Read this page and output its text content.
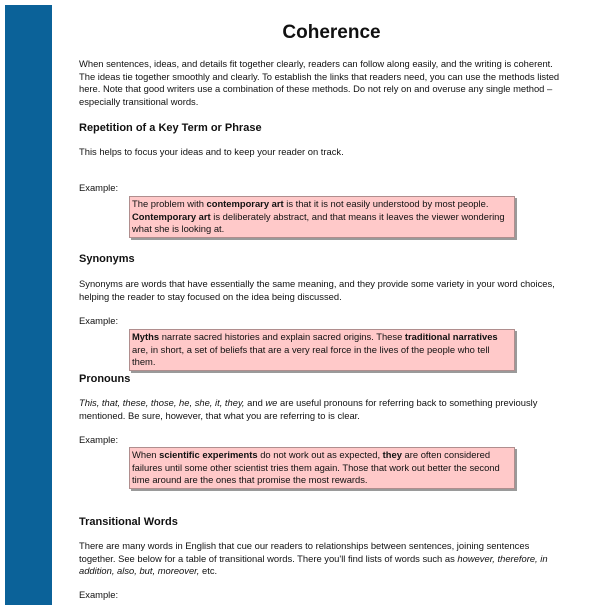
Coherence

When sentences, ideas, and details fit together clearly, readers can follow along easily, and the writing is coherent. The ideas tie together smoothly and clearly. To establish the links that readers need, you can use the methods listed here. Note that good writers use a combination of these methods. Do not rely on and overuse any single method – especially transitional words.

Repetition of a Key Term or Phrase

This helps to focus your ideas and to keep your reader on track.

Example:
The problem with contemporary art is that it is not easily understood by most people. Contemporary art is deliberately abstract, and that means it leaves the viewer wondering what she is looking at.
Synonyms

Synonyms are words that have essentially the same meaning, and they provide some variety in your word choices, helping the reader to stay focused on the idea being discussed.

Example:
Myths narrate sacred histories and explain sacred origins. These traditional narratives are, in short, a set of beliefs that are a very real force in the lives of the people who tell them.
Pronouns

This, that, these, those, he, she, it, they, and we are useful pronouns for referring back to something previously mentioned. Be sure, however, that what you are referring to is clear.

Example:
When scientific experiments do not work out as expected, they are often considered failures until some other scientist tries them again. Those that work out better the second time around are the ones that promise the most rewards.
Transitional Words

There are many words in English that cue our readers to relationships between sentences, joining sentences together. See below for a table of transitional words. There you'll find lists of words such as however, therefore, in addition, also, but, moreover, etc.

Example:
